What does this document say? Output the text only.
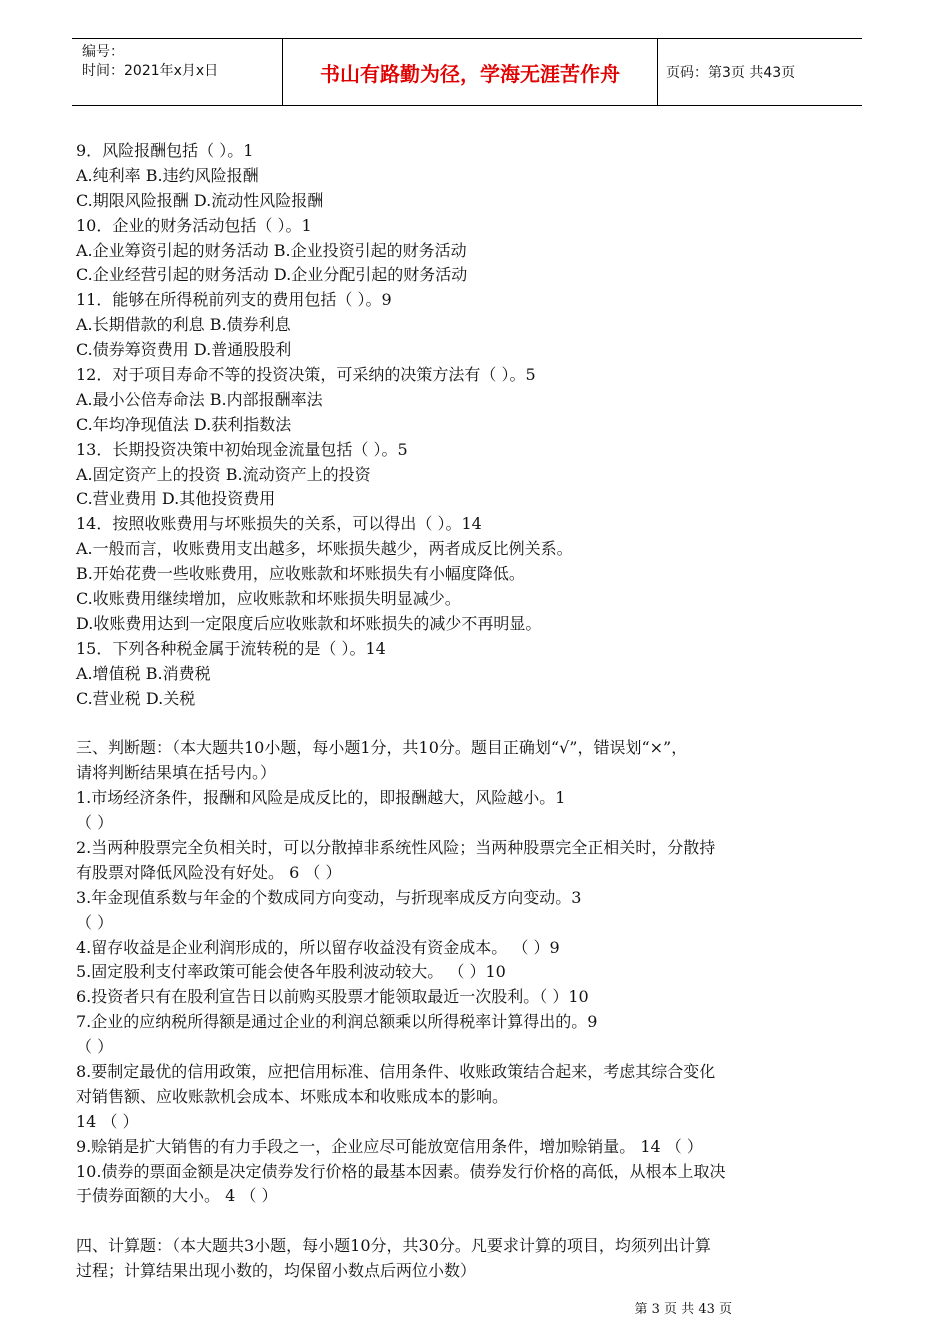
编号：
时间：2021年x月x日	书山有路勤为径，学海无涯苦作舟	页码：第3页 共43页
9．风险报酬包括（ ）。1
A.纯利率 B.违约风险报酬
C.期限风险报酬 D.流动性风险报酬
10．企业的财务活动包括（ ）。1
A.企业筹资引起的财务活动 B.企业投资引起的财务活动
C.企业经营引起的财务活动 D.企业分配引起的财务活动
11．能够在所得税前列支的费用包括（ ）。9
A.长期借款的利息 B.债券利息
C.债券筹资费用 D.普通股股利
12．对于项目寿命不等的投资决策，可采纳的决策方法有（ ）。5
A.最小公倍寿命法 B.内部报酬率法
C.年均净现值法 D.获利指数法
13．长期投资决策中初始现金流量包括（ ）。5
A.固定资产上的投资 B.流动资产上的投资
C.营业费用 D.其他投资费用
14．按照收账费用与坏账损失的关系，可以得出（ ）。14
A.一般而言，收账费用支出越多，坏账损失越少，两者成反比例关系。
B.开始花费一些收账费用，应收账款和坏账损失有小幅度降低。
C.收账费用继续增加，应收账款和坏账损失明显减少。
D.收账费用达到一定限度后应收账款和坏账损失的减少不再明显。
15．下列各种税金属于流转税的是（ ）。14
A.增值税 B.消费税
C.营业税 D.关税
三、判断题：（本大题共10小题，每小题1分，共10分。题目正确划“√”，错误划“×”，
请将判断结果填在括号内。）
1.市场经济条件，报酬和风险是成反比的，即报酬越大，风险越小。1
（ ）
2.当两种股票完全负相关时，可以分散掉非系统性风险；当两种股票完全正相关时，分散持
有股票对降低风险没有好处。 6 （ ）
3.年金现值系数与年金的个数成同方向变动，与折现率成反方向变动。3
（ ）
4.留存收益是企业利润形成的，所以留存收益没有资金成本。 （ ）9
5.固定股利支付率政策可能会使各年股利波动较大。 （ ）10
6.投资者只有在股利宣告日以前购买股票才能领取最近一次股利。（ ）10
7.企业的应纳税所得额是通过企业的利润总额乘以所得税率计算得出的。9
（ ）
8.要制定最优的信用政策，应把信用标准、信用条件、收账政策结合起来，考虑其综合变化
对销售额、应收账款机会成本、坏账成本和收账成本的影响。
14 （ ）
9.赊销是扩大销售的有力手段之一，企业应尽可能放宽信用条件，增加赊销量。 14 （ ）
10.债券的票面金额是决定债券发行价格的最基本因素。债券发行价格的高低，从根本上取决
于债券面额的大小。 4 （ ）
四、计算题：（本大题共3小题，每小题10分，共30分。凡要求计算的项目，均须列出计算
过程；计算结果出现小数的，均保留小数点后两位小数）
第 3 页 共 43 页
